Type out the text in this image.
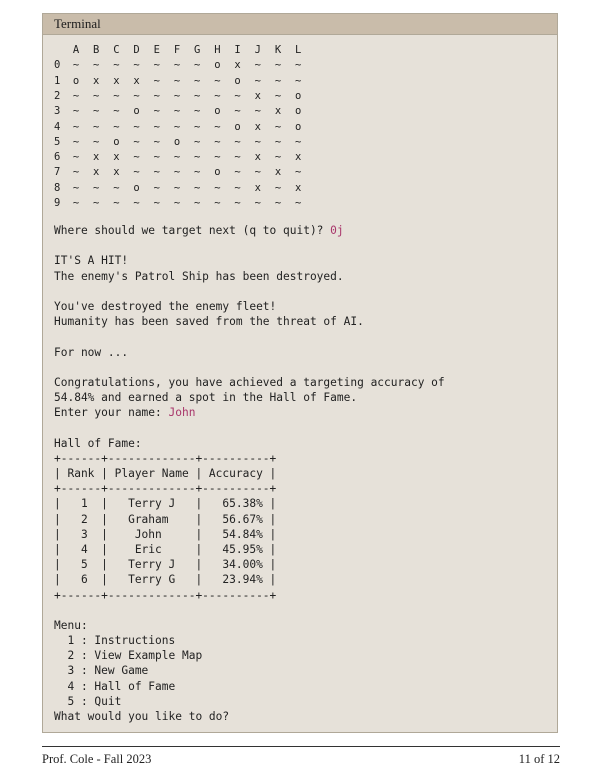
Terminal
A	B	C	D	E	F	G	H	I	J	K	L
0	~	~	~	~	~	~	~	o	x	~	~	~
1	o	x	x	x	~	~	~	~	o	~	~	~
2	~	~	~	~	~	~	~	~	~	x	~	o
3	~	~	~	o	~	~	~	o	~	~	x	o
4	~	~	~	~	~	~	~	~	o	x	~	o
5	~	~	o	~	~	o	~	~	~	~	~	~
6	~	x	x	~	~	~	~	~	~	x	~	x
7	~	x	x	~	~	~	~	o	~	~	x	~
8	~	~	~	o	~	~	~	~	~	x	~	x
9	~	~	~	~	~	~	~	~	~	~	~	~
Where should we target next (q to quit)? 0j
IT'S A HIT!
The enemy's Patrol Ship has been destroyed.
You've destroyed the enemy fleet!
Humanity has been saved from the threat of AI.
For now ...
Congratulations, you have achieved a targeting accuracy of
54.84% and earned a spot in the Hall of Fame.
Enter your name: John
Hall of Fame:
+------+-------------+----------+
| Rank | Player Name | Accuracy |
+------+-------------+----------+
|   1  |   Terry J   |   65.38% |
|   2  |   Graham    |   56.67% |
|   3  |    John     |   54.84% |
|   4  |    Eric     |   45.95% |
|   5  |   Terry J   |   34.00% |
|   6  |   Terry G   |   23.94% |
+------+-------------+----------+
Menu:
1 : Instructions
2 : View Example Map
3 : New Game
4 : Hall of Fame
5 : Quit
What would you like to do?
Prof. Cole - Fall 2023	11 of 12
